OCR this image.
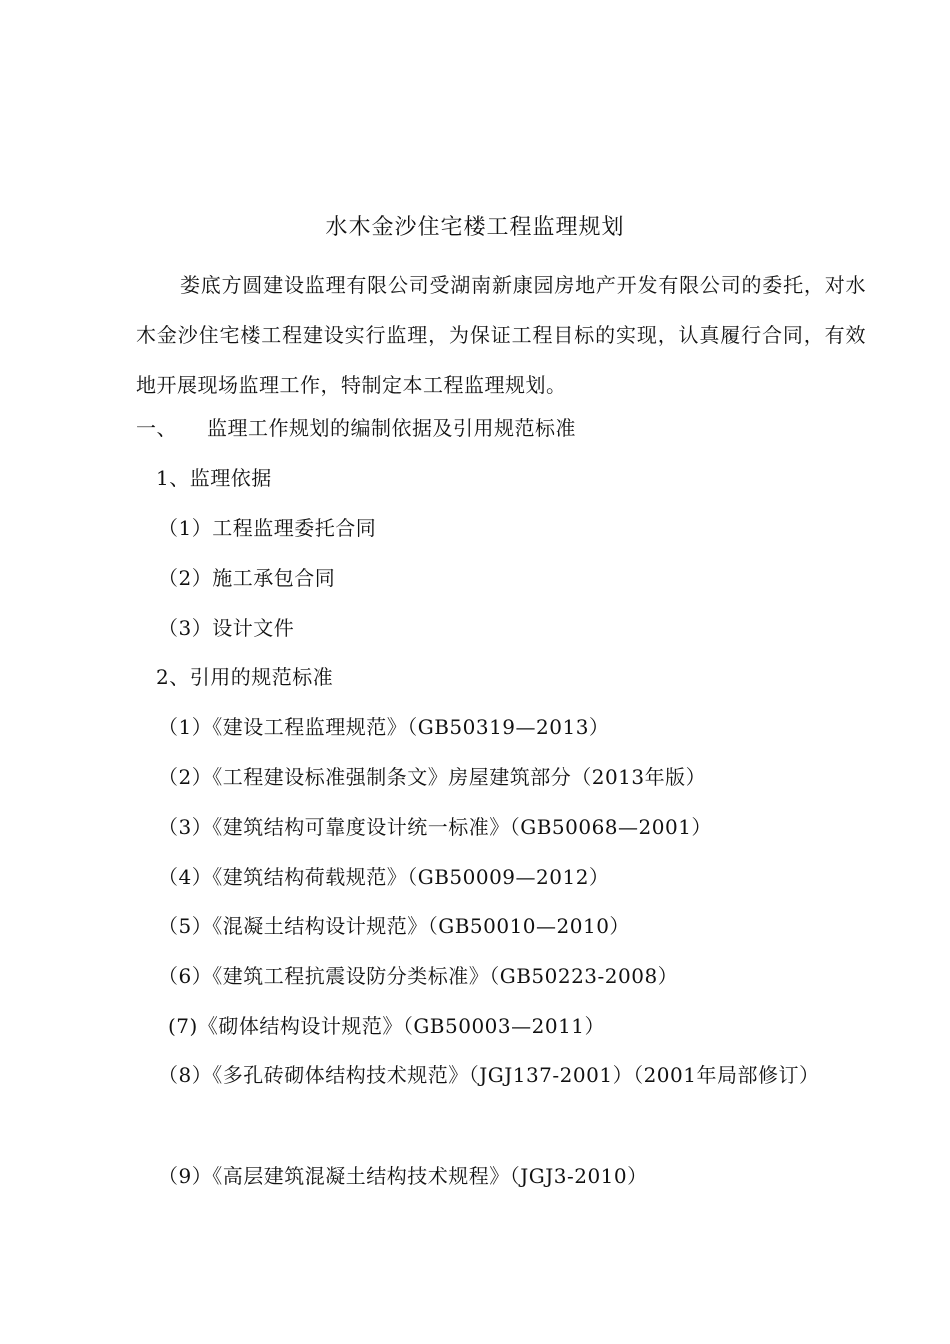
水木金沙住宅楼工程监理规划
娄底方圆建设监理有限公司受湖南新康园房地产开发有限公司的委托，对水木金沙住宅楼工程建设实行监理，为保证工程目标的实现，认真履行合同，有效地开展现场监理工作，特制定本工程监理规划。
一、 监理工作规划的编制依据及引用规范标准
1、监理依据
（1）工程监理委托合同
（2）施工承包合同
（3）设计文件
2、引用的规范标准
（1）《建设工程监理规范》（GB50319—2013）
（2）《工程建设标准强制条文》房屋建筑部分（2013年版）
（3）《建筑结构可靠度设计统一标准》（GB50068—2001）
（4）《建筑结构荷载规范》（GB50009—2012）
（5）《混凝土结构设计规范》（GB50010—2010）
（6）《建筑工程抗震设防分类标准》（GB50223-2008）
(7)《砌体结构设计规范》（GB50003—2011）
（8）《多孔砖砌体结构技术规范》（JGJ137-2001）（2001年局部修订）
（9）《高层建筑混凝土结构技术规程》（JGJ3-2010）
